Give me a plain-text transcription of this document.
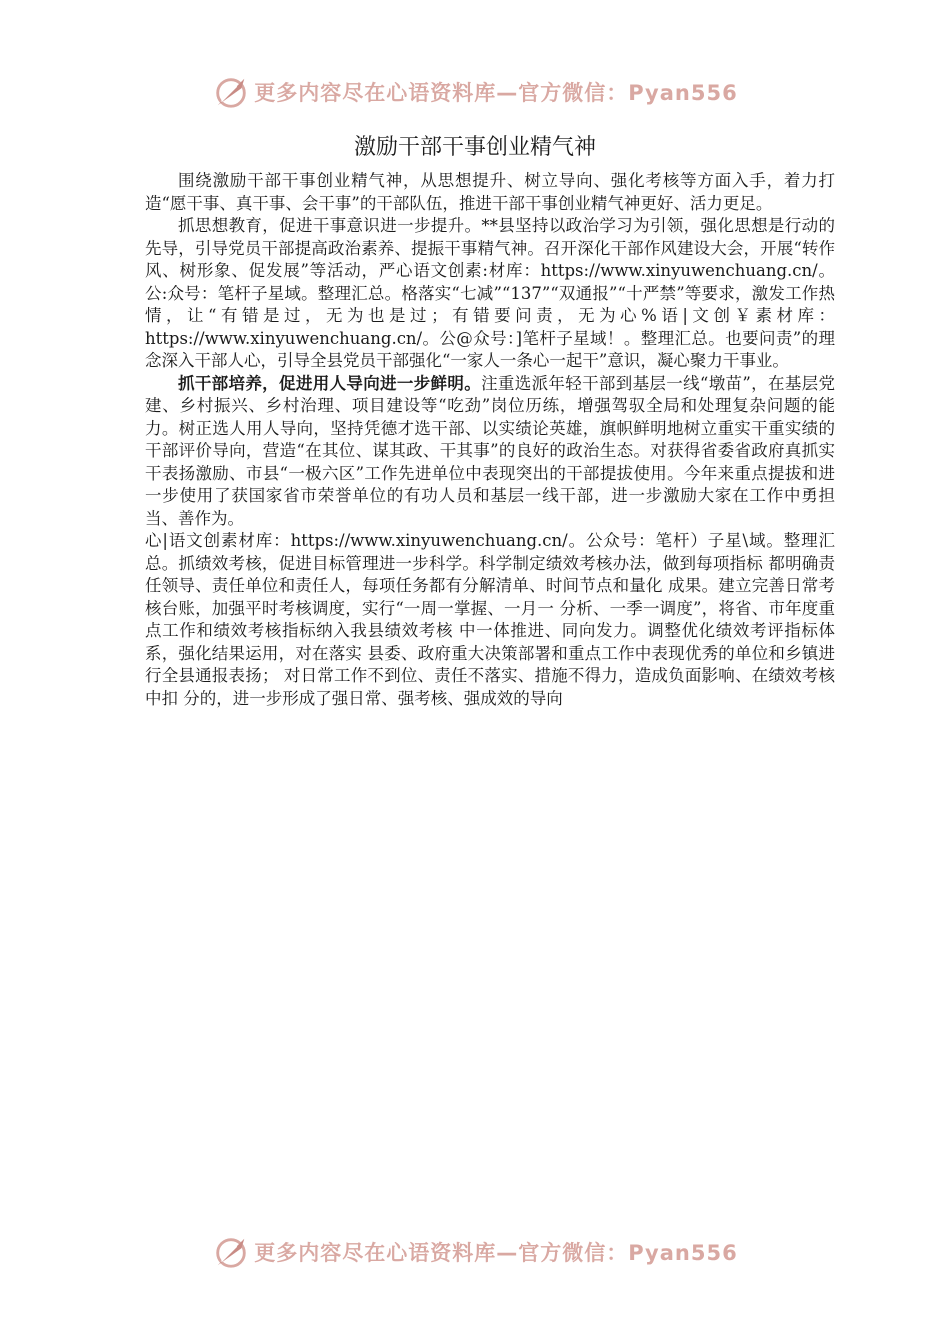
更多内容尽在心语资料库—官方微信：Pyan556
激励干部干事创业精气神

围绕激励干部干事创业精气神，从思想提升、树立导向、强化考核等方面入手，着力打造“愿干事、真干事、会干事”的干部队伍，推进干部干事创业精气神更好、活力更足。

抓思想教育，促进干事意识进一步提升。**县坚持以政治学习为引领，强化思想是行动的先导，引导党员干部提高政治素养、提振干事精气神。召开深化干部作风建设大会，开展“转作风、树形象、促发展”等活动，严心语文创素:材库：https://www.xinyuwenchuang.cn/。公:众号：笔杆子星域。整理汇总。格落实“七减”“137”“双通报”“十严禁”等要求，激发工作热情，让“有错是过，无为也是过；有错要问责，无为心%语|文创￥素材库：https://www.xinyuwenchuang.cn/。公@众号：]笔杆子星域！。整理汇总。也要问责”的理念深入干部人心，引导全县党员干部强化“一家人一条心一起干”意识，凝心聚力干事业。

抓干部培养，促进用人导向进一步鲜明。注重选派年轻干部到基层一线“墩苗”，在基层党建、乡村振兴、乡村治理、项目建设等“吃劲”岗位历练，增强驾驭全局和处理复杂问题的能力。树正选人用人导向，坚持凭德才选干部、以实绩论英雄，旗帜鲜明地树立重实干重实绩的干部评价导向，营造“在其位、谋其政、干其事”的良好的政治生态。对获得省委省政府真抓实干表扬激励、市县“一极六区”工作先进单位中表现突出的干部提拔使用。今年来重点提拔和进一步使用了获国家省市荣誉单位的有功人员和基层一线干部，进一步激励大家在工作中勇担当、善作为。

心|语文创素材库：https://www.xinyuwenchuang.cn/。公众号：笔杆）子星\域。整理汇总。抓绩效考核，促进目标管理进一步科学。科学制定绩效考核办法，做到每项指标 都明确责任领导、责任单位和责任人，每项任务都有分解清单、时间节点和量化 成果。建立完善日常考核台账，加强平时考核调度，实行“一周一掌握、一月一 分析、一季一调度”，将省、市年度重点工作和绩效考核指标纳入我县绩效考核 中一体推进、同向发力。调整优化绩效考评指标体系，强化结果运用，对在落实 县委、政府重大决策部署和重点工作中表现优秀的单位和乡镇进行全县通报表扬； 对日常工作不到位、责任不落实、措施不得力，造成负面影响、在绩效考核中扣 分的，进一步形成了强日常、强考核、强成效的导向

更多内容尽在心语资料库—官方微信：Pyan556
